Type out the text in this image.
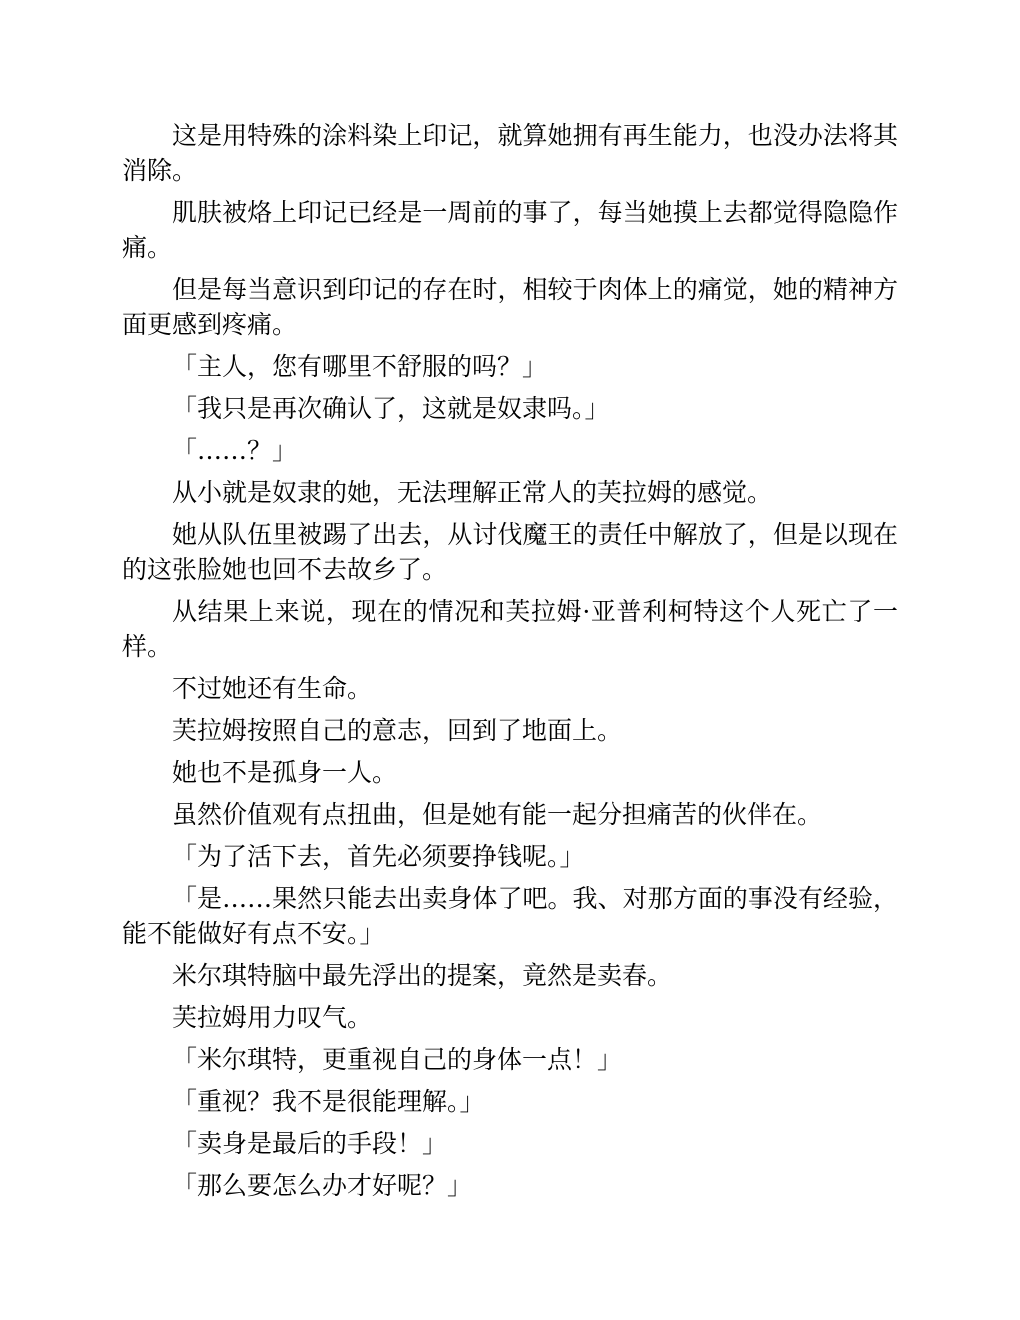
这是用特殊的涂料染上印记，就算她拥有再生能力，也没办法将其消除。

肌肤被烙上印记已经是一周前的事了，每当她摸上去都觉得隐隐作痛。

但是每当意识到印记的存在时，相较于肉体上的痛觉，她的精神方面更感到疼痛。

「主人，您有哪里不舒服的吗？」

「我只是再次确认了，这就是奴隶吗。」

「……？」

从小就是奴隶的她，无法理解正常人的芙拉姆的感觉。

她从队伍里被踢了出去，从讨伐魔王的责任中解放了，但是以现在的这张脸她也回不去故乡了。

从结果上来说，现在的情况和芙拉姆·亚普利柯特这个人死亡了一样。

不过她还有生命。

芙拉姆按照自己的意志，回到了地面上。

她也不是孤身一人。

虽然价值观有点扭曲，但是她有能一起分担痛苦的伙伴在。

「为了活下去，首先必须要挣钱呢。」

「是……果然只能去出卖身体了吧。我、对那方面的事没有经验，能不能做好有点不安。」

米尔琪特脑中最先浮出的提案，竟然是卖春。

芙拉姆用力叹气。

「米尔琪特，更重视自己的身体一点！」

「重视？我不是很能理解。」

「卖身是最后的手段！」

「那么要怎么办才好呢？」
